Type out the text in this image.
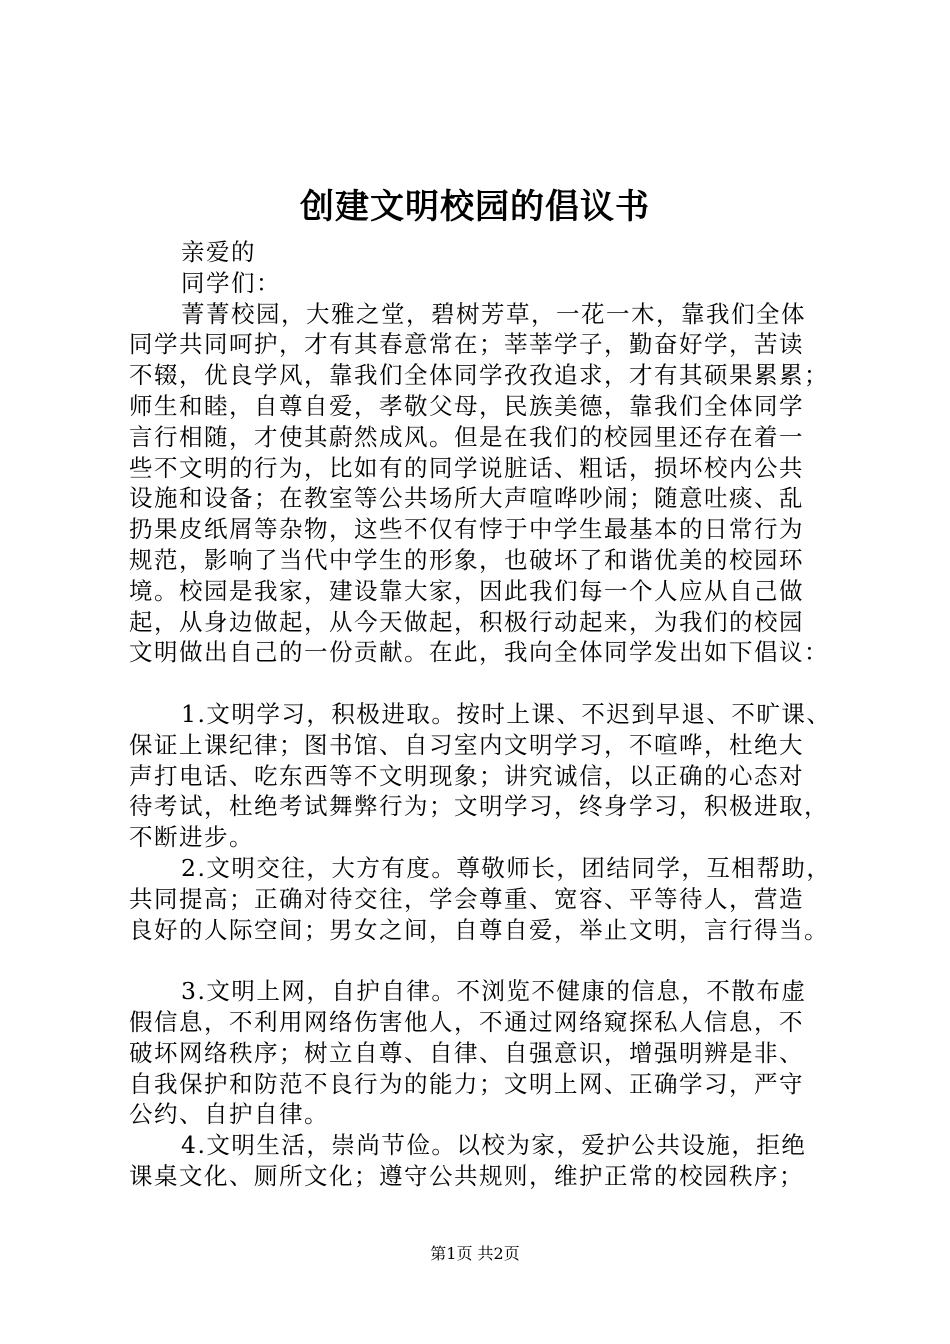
创建文明校园的倡议书
亲爱的
同学们：
菁菁校园，大雅之堂，碧树芳草，一花一木，靠我们全体
同学共同呵护，才有其春意常在；莘莘学子，勤奋好学，苦读
不辍，优良学风，靠我们全体同学孜孜追求，才有其硕果累累；
师生和睦，自尊自爱，孝敬父母，民族美德，靠我们全体同学
言行相随，才使其蔚然成风。但是在我们的校园里还存在着一
些不文明的行为，比如有的同学说脏话、粗话，损坏校内公共
设施和设备；在教室等公共场所大声喧哗吵闹；随意吐痰、乱
扔果皮纸屑等杂物，这些不仅有悖于中学生最基本的日常行为
规范，影响了当代中学生的形象，也破坏了和谐优美的校园环
境。校园是我家，建设靠大家，因此我们每一个人应从自己做
起，从身边做起，从今天做起，积极行动起来，为我们的校园
文明做出自己的一份贡献。在此，我向全体同学发出如下倡议：
1.文明学习，积极进取。按时上课、不迟到早退、不旷课、
保证上课纪律；图书馆、自习室内文明学习，不喧哗，杜绝大
声打电话、吃东西等不文明现象；讲究诚信，以正确的心态对
待考试，杜绝考试舞弊行为；文明学习，终身学习，积极进取，
不断进步。
2.文明交往，大方有度。尊敬师长，团结同学，互相帮助，
共同提高；正确对待交往，学会尊重、宽容、平等待人，营造
良好的人际空间；男女之间，自尊自爱，举止文明，言行得当。
3.文明上网，自护自律。不浏览不健康的信息，不散布虚
假信息，不利用网络伤害他人，不通过网络窥探私人信息，不
破坏网络秩序；树立自尊、自律、自强意识，增强明辨是非、
自我保护和防范不良行为的能力；文明上网、正确学习，严守
公约、自护自律。
4.文明生活，崇尚节俭。以校为家，爱护公共设施，拒绝
课桌文化、厕所文化；遵守公共规则，维护正常的校园秩序；
第1页 共2页
